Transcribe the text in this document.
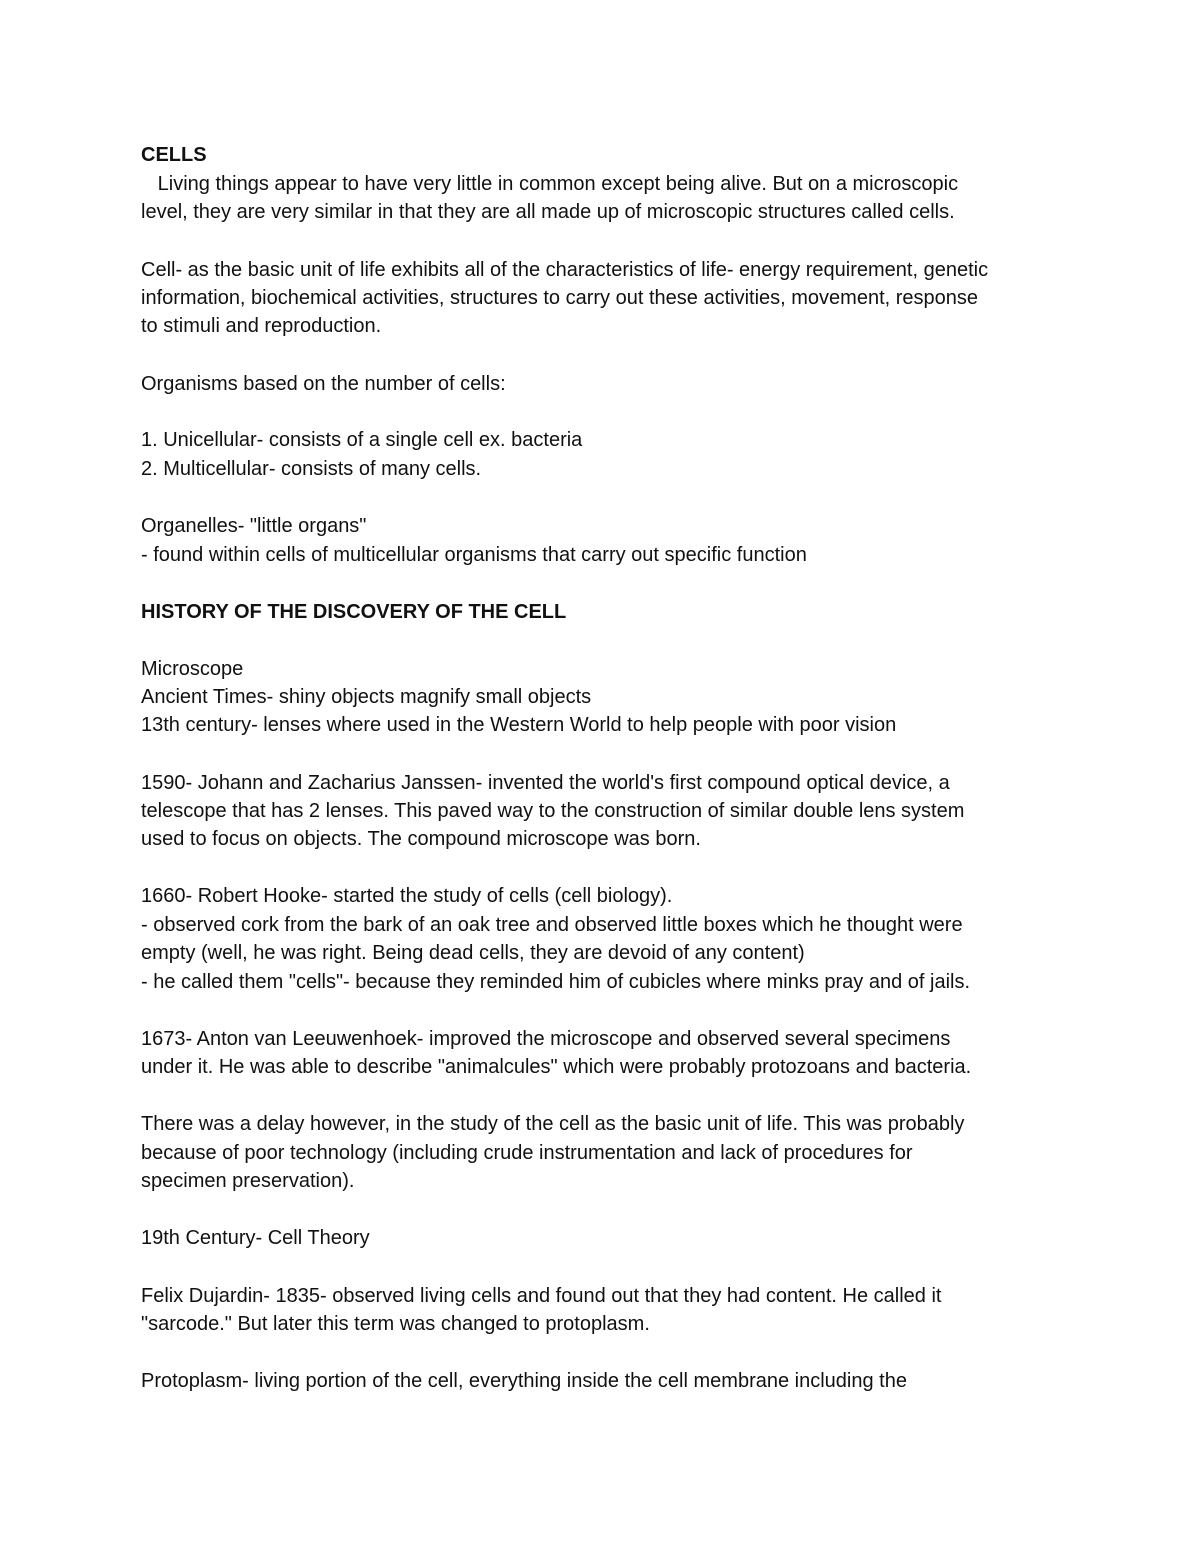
CELLS

Living things appear to have very little in common except being alive. But on a microscopic

level, they are very similar in that they are all made up of microscopic structures called cells.

Cell- as the basic unit of life exhibits all of the characteristics of life- energy requirement, genetic

information, biochemical activities, structures to carry out these activities, movement, response

to stimuli and reproduction.

Organisms based on the number of cells:

1. Unicellular- consists of a single cell ex. bacteria

2. Multicellular- consists of many cells.

Organelles- "little organs"

- found within cells of multicellular organisms that carry out specific function

HISTORY OF THE DISCOVERY OF THE CELL

Microscope

Ancient Times- shiny objects magnify small objects

13th century- lenses where used in the Western World to help people with poor vision

1590- Johann and Zacharius Janssen- invented the world's first compound optical device, a

telescope that has 2 lenses. This paved way to the construction of similar double lens system

used to focus on objects. The compound microscope was born.

1660- Robert Hooke- started the study of cells (cell biology).

- observed cork from the bark of an oak tree and observed little boxes which he thought were

empty (well, he was right. Being dead cells, they are devoid of any content)

- he called them "cells"- because they reminded him of cubicles where minks pray and of jails.

1673- Anton van Leeuwenhoek- improved the microscope and observed several specimens

under it. He was able to describe "animalcules" which were probably protozoans and bacteria.

There was a delay however, in the study of the cell as the basic unit of life. This was probably

because of poor technology (including crude instrumentation and lack of procedures for

specimen preservation).

19th Century- Cell Theory

Felix Dujardin- 1835- observed living cells and found out that they had content. He called it

"sarcode." But later this term was changed to protoplasm.

Protoplasm- living portion of the cell, everything inside the cell membrane including the
